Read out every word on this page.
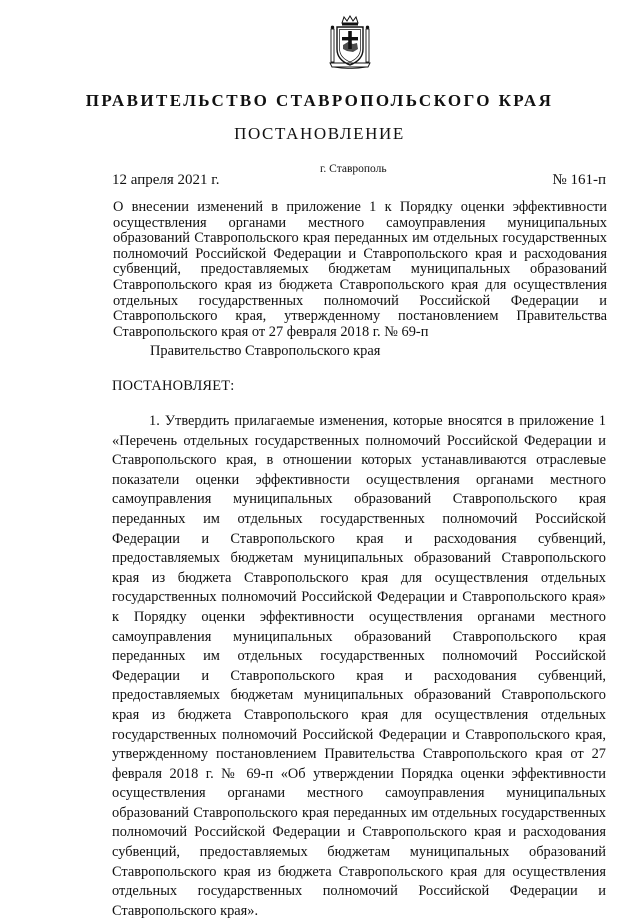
ПРАВИТЕЛЬСТВО СТАВРОПОЛЬСКОГО КРАЯ
ПОСТАНОВЛЕНИЕ
12 апреля 2021 г.
г. Ставрополь
№ 161-п
О внесении изменений в приложение 1 к Порядку оценки эффективности осуществления органами местного самоуправления муниципальных образований Ставропольского края переданных им отдельных государственных полномочий Российской Федерации и Ставропольского края и расходования субвенций, предоставляемых бюджетам муниципальных образований Ставропольского края из бюджета Ставропольского края для осуществления отдельных государственных полномочий Российской Федерации и Ставропольского края, утвержденному постановлением Правительства Ставропольского края от 27 февраля 2018 г. № 69-п
Правительство Ставропольского края
ПОСТАНОВЛЯЕТ:
1. Утвердить прилагаемые изменения, которые вносятся в приложение 1 «Перечень отдельных государственных полномочий Российской Федерации и Ставропольского края, в отношении которых устанавливаются отраслевые показатели оценки эффективности осуществления органами местного самоуправления муниципальных образований Ставропольского края переданных им отдельных государственных полномочий Российской Федерации и Ставропольского края и расходования субвенций, предоставляемых бюджетам муниципальных образований Ставропольского края из бюджета Ставропольского края для осуществления отдельных государственных полномочий Российской Федерации и Ставропольского края» к Порядку оценки эффективности осуществления органами местного самоуправления муниципальных образований Ставропольского края переданных им отдельных государственных полномочий Российской Федерации и Ставропольского края и расходования субвенций, предоставляемых бюджетам муниципальных образований Ставропольского края из бюджета Ставропольского края для осуществления отдельных государственных полномочий Российской Федерации и Ставропольского края, утвержденному постановлением Правительства Ставропольского края от 27 февраля 2018 г. № 69-п «Об утверждении Порядка оценки эффективности осуществления органами местного самоуправления муниципальных образований Ставропольского края переданных им отдельных государственных полномочий Российской Федерации и Ставропольского края и расходования субвенций, предоставляемых бюджетам муниципальных образований Ставропольского края из бюджета Ставропольского края для осуществления отдельных государственных полномочий Российской Федерации и Ставропольского края».
